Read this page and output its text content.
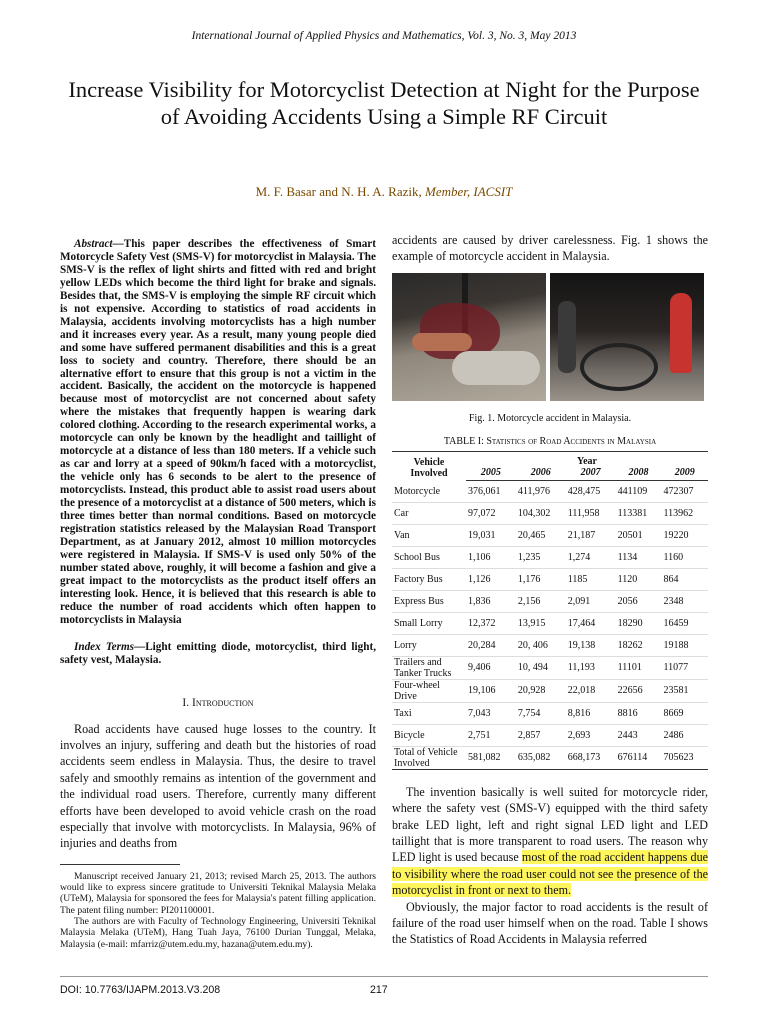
International Journal of Applied Physics and Mathematics, Vol. 3, No. 3, May 2013
Increase Visibility for Motorcyclist Detection at Night for the Purpose of Avoiding Accidents Using a Simple RF Circuit
M. F. Basar and N. H. A. Razik, Member, IACSIT

Abstract—This paper describes the effectiveness of Smart Motorcycle Safety Vest (SMS-V) for motorcyclist in Malaysia. The SMS-V is the reflex of light shirts and fitted with red and bright yellow LEDs which become the third light for brake and signals. Besides that, the SMS-V is employing the simple RF circuit which is not expensive. According to statistics of road accidents in Malaysia, accidents involving motorcyclists has a high number and it increases every year. As a result, many young people died and some have suffered permanent disabilities and this is a great loss to society and country. Therefore, there should be an alternative effort to ensure that this group is not a victim in the accident. Basically, the accident on the motorcycle is happened because most of motorcyclist are not concerned about safety where the mistakes that frequently happen is wearing dark colored clothing. According to the research experimental works, a motorcycle can only be known by the headlight and taillight of motorcycle at a distance of less than 180 meters. If a vehicle such as car and lorry at a speed of 90km/h faced with a motorcyclist, the vehicle only has 6 seconds to be alert to the presence of motorcyclists. Instead, this product able to assist road users about the presence of a motorcyclist at a distance of 500 meters, which is three times better than normal conditions. Based on motorcycle registration statistics released by the Malaysian Road Transport Department, as at January 2012, almost 10 million motorcycles were registered in Malaysia. If SMS-V is used only 50% of the number stated above, roughly, it will become a fashion and give a great impact to the motorcyclists as the product itself offers an interesting look. Hence, it is believed that this research is able to reduce the number of road accidents which often happen to motorcyclists in Malaysia

Index Terms—Light emitting diode, motorcyclist, third light, safety vest, Malaysia.

I. Introduction

Road accidents have caused huge losses to the country. It involves an injury, suffering and death but the histories of road accidents seem endless in Malaysia. Thus, the desire to travel safely and smoothly remains as intention of the government and the individual road users. Therefore, currently many different efforts have been developed to avoid vehicle crash on the road especially that involve with motorcyclists. In Malaysia, 96% of injuries and deaths from

Manuscript received January 21, 2013; revised March 25, 2013. The authors would like to express sincere gratitude to Universiti Teknikal Malaysia Melaka (UTeM), Malaysia for sponsored the fees for Malaysia's patent filling application. The patent filing number: PI201100001.

The authors are with Faculty of Technology Engineering, Universiti Teknikal Malaysia Melaka (UTeM), Hang Tuah Jaya, 76100 Durian Tunggal, Melaka, Malaysia (e-mail: mfarriz@utem.edu.my, hazana@utem.edu.my).

accidents are caused by driver carelessness. Fig. 1 shows the example of motorcycle accident in Malaysia.

Fig. 1. Motorcycle accident in Malaysia.

TABLE I: Statistics of Road Accidents in Malaysia

Vehicle Involved	Year				
	2005	2006	2007	2008	2009
Motorcycle	376,061	411,976	428,475	441109	472307
Car	97,072	104,302	111,958	113381	113962
Van	19,031	20,465	21,187	20501	19220
School Bus	1,106	1,235	1,274	1134	1160
Factory Bus	1,126	1,176	1185	1120	864
Express Bus	1,836	2,156	2,091	2056	2348
Small Lorry	12,372	13,915	17,464	18290	16459
Lorry	20,284	20, 406	19,138	18262	19188
Trailers and Tanker Trucks	9,406	10, 494	11,193	11101	11077
Four-wheel Drive	19,106	20,928	22,018	22656	23581
Taxi	7,043	7,754	8,816	8816	8669
Bicycle	2,751	2,857	2,693	2443	2486
Total of Vehicle Involved	581,082	635,082	668,173	676114	705623

The invention basically is well suited for motorcycle rider, where the safety vest (SMS-V) equipped with the third safety brake LED light, left and right signal LED light and LED taillight that is more transparent to road users. The reason why LED light is used because most of the road accident happens due to visibility where the road user could not see the presence of the motorcyclist in front or next to them.

Obviously, the major factor to road accidents is the result of failure of the road user himself when on the road. Table I shows the Statistics of Road Accidents in Malaysia referred

DOI: 10.7763/IJAPM.2013.V3.208	217
